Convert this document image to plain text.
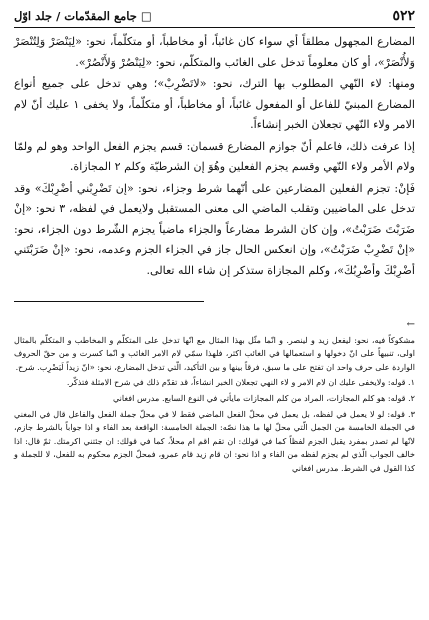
٥٢٢
□ جامع المقدّمات / جلد اوّل

المضارع المجهول مطلقاً أي سواء كان غائباً، أو مخاطباً، أو متكلّماً، نحو: «لِيَنْصَرْ وَلِتُنْصَرْ وَلأُنْصَرْ»، أو كان معلوماً تدخل على الغائب والمتكلّم، نحو: «لِيَنْصُرْ وَلأَنْصُرْ».

ومنها: لاء النّهي المطلوب بها الترك، نحو: «لاتَضْرِبْ»؛ وهي تدخل على جميع أنواع المضارع المبنيّ للفاعل أو المفعول غائباً، أو مخاطباً، أو متكلّماً، ولا يخفى ١ عليك أنّ لام الامر ولاء النّهي تجعلان الخبر إنشاءاً.

إذا عرفت ذلك، فاعلم أنّ جوازم المضارع قسمان: قسم يجزم الفعل الواحد وهو لم ولمّا ولام الأمر ولاء النّهي وقسم يجزم الفعلين وهُوَ إن الشرطيّة وكلم ٢ المجازاة.

فَإنْ: تجزم الفعلين المضارعين على أنّهما شرط وجزاء، نحو: «إن تَضْرِبْني أضْرِبْكَ» وقد تدخل على الماضيين وتقلب الماضي الى معنى المستقبل ولايعمل في لفظه، ٣ نحو: «إنْ ضَرَبْتَ ضَرَبْتُ»، وإن كان الشرط مضارعاً والجزاء ماضياً يجزم الشّرط دون الجزاء، نحو: «إنْ تَضْرِبْ ضَرَبْتُ»، وإن انعكس الحال جاز في الجزاء الجزم وعدمه، نحو: «إنْ ضَرَبْتَني أضْرِبْكَ وأضْرِبُكَ»، وكلم المجازاة ستذكر إن شاء الله تعالى.

←

مشكوكاً فيه، نحو: ليفعل زيد و لينصر. و انّما مثّل بهذا المثال مع انّها تدخل على المتكلّم و المخاطب و المتكلّم بالمثال اولى، تنبيهاً على انّ دخولها و استعمالها في الغائب اكثر، فلهذا سمّي لام الامر الغائب و انّما كسرت و من حقّ الحروف الواردة على حرف واحد ان تفتح على ما سبق، فرقاً بينها و بين التأكيد، الّتي تدخل المضارع، نحو: «انّ زيداً لَيَضْرِب. شرح.

١. قوله: ولايخفى عليك ان لام الامر و لاء النهي تجعلان الخبر انشاءاً، قد تقدّم ذلك في شرح الامثلة فتذكّر.

٢. قوله: هو كلم المجازات، المراد من كلم المجازات مايأتي في النوع السابع. مدرس افغاني

٣. قوله: لو لا يعمل في لفظه، بل يعمل في محلّ الفعل الماضي فقط لا في محلّ جملة الفعل والفاعل قال في المغني في الجملة الخامسة من الجمل الّتي محلّ لها ما هذا نصّه: الجملة الخامسة: الواقعة بعد الفاء و اذا جواباً بالشرط جازم، لانّها لم تصدر بمفرد يقبل الجزم لفظاً كما في قولك: ان تقم اقم ام محلاً، كما في قولك: ان جئتني اكرمتك. ثمّ قال: اذا خالف الجواب الّذي لم يجزم لفظه من الفاء و اذا نحو: ان قام زيد قام عمرو، فمحلّ الجزم محكوم به للفعل، لا للجملة و كذا القول في الشرط. مدرس افغاني
